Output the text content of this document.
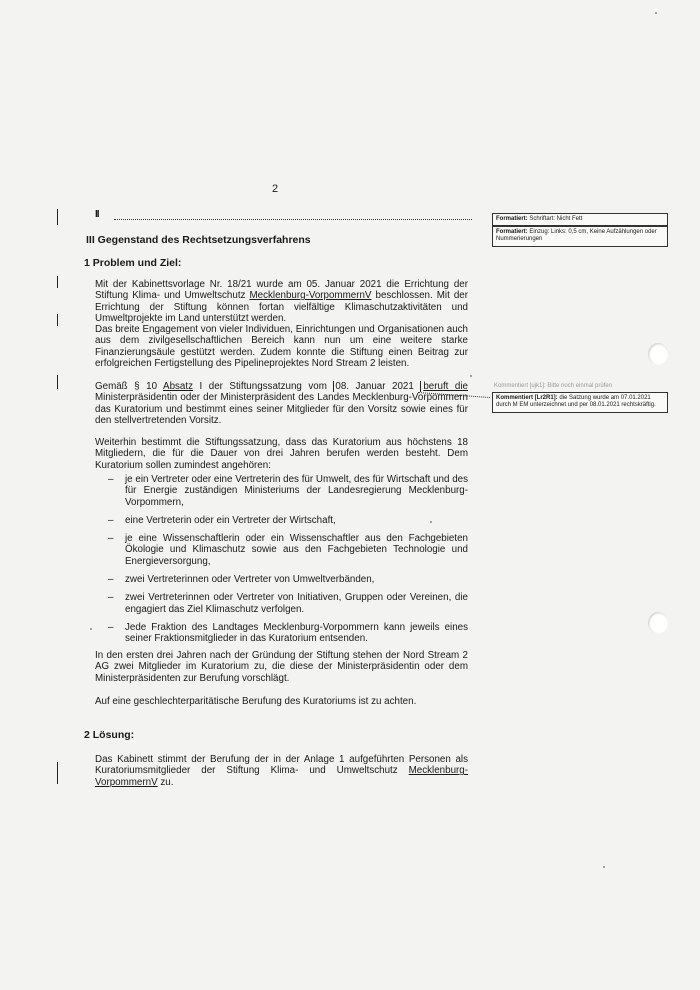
2
II	Formatiert: Schriftart: Nicht Fett
Formatiert: Einzug: Links: 0,5 cm, Keine Aufzählungen oder Nummerierungen
Kommentiert [ujk1]: Bitte noch einmal prüfen
Kommentiert [Lr2R1]: die Satzung wurde am 07.01.2021 durch M EM unterzeichnet und per 08.01.2021 rechtskräftig.
III Gegenstand des Rechtsetzungsverfahrens
1 Problem und Ziel:

Mit der Kabinettsvorlage Nr. 18/21 wurde am 05. Januar 2021 die Errichtung der Stiftung Klima- und Umweltschutz Mecklenburg-VorpommernV beschlossen. Mit der Errichtung der Stiftung können fortan vielfältige Klimaschutzaktivitäten und Umweltprojekte im Land unterstützt werden.

Das breite Engagement von vieler Individuen, Einrichtungen und Organisationen auch aus dem zivilgesellschaftlichen Bereich kann nun um eine weitere starke Finanzierungsäule gestützt werden. Zudem konnte die Stiftung einen Beitrag zur erfolgreichen Fertigstellung des Pipelineprojektes Nord Stream 2 leisten.

Gemäß § 10 Absatz I der Stiftungssatzung vom 08. Januar 2021 beruft die Ministerpräsidentin oder der Ministerpräsident des Landes Mecklenburg-Vorpommern das Kuratorium und bestimmt eines seiner Mitglieder für den Vorsitz sowie eines für den stellvertretenden Vorsitz.

Weiterhin bestimmt die Stiftungssatzung, dass das Kuratorium aus höchstens 18 Mitgliedern, die für die Dauer von drei Jahren berufen werden besteht. Dem Kuratorium sollen zumindest angehören:
– je ein Vertreter oder eine Vertreterin des für Umwelt, des für Wirtschaft und des für Energie zuständigen Ministeriums der Landesregierung Mecklenburg-Vorpommern,
– eine Vertreterin oder ein Vertreter der Wirtschaft,
– je eine Wissenschaftlerin oder ein Wissenschaftler aus den Fachgebieten Ökologie und Klimaschutz sowie aus den Fachgebieten Technologie und Energieversorgung,
– zwei Vertreterinnen oder Vertreter von Umweltverbänden,
– zwei Vertreterinnen oder Vertreter von Initiativen, Gruppen oder Vereinen, die engagiert das Ziel Klimaschutz verfolgen.
– Jede Fraktion des Landtages Mecklenburg-Vorpommern kann jeweils eines seiner Fraktionsmitglieder in das Kuratorium entsenden.
In den ersten drei Jahren nach der Gründung der Stiftung stehen der Nord Stream 2 AG zwei Mitglieder im Kuratorium zu, die diese der Ministerpräsidentin oder dem Ministerpräsidenten zur Berufung vorschlägt.
Auf eine geschlechterparitätische Berufung des Kuratoriums ist zu achten.
2 Lösung:

Das Kabinett stimmt der Berufung der in der Anlage 1 aufgeführten Personen als Kuratoriumsmitglieder der Stiftung Klima- und Umweltschutz Mecklenburg-VorpommernV zu.
